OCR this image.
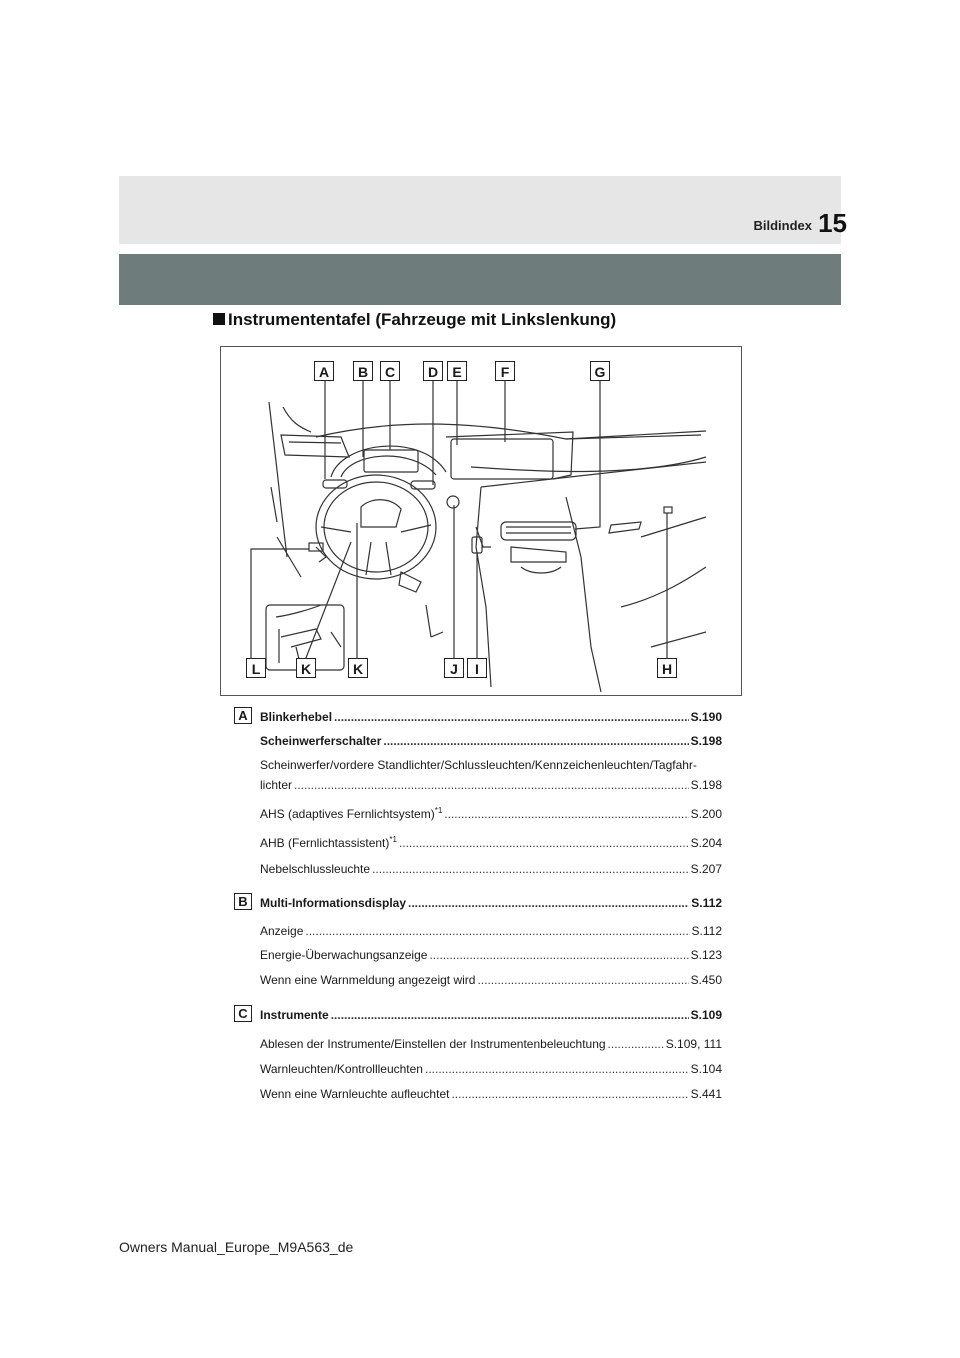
Bildindex 15
Instrumententafel (Fahrzeuge mit Linkslenkung)
A	B	C	D	E	F	G
L	K	K	J	I	H
A	Blinkerhebel .....	S.190
Scheinwerferschalter .....	S.198
Scheinwerfer/vordere Standlichter/Schlussleuchten/Kennzeichenleuchten/Tagfahr-
lichter .....	S.198
AHS (adaptives Fernlichtsystem)$^{*1}$ .....	S.200
AHB (Fernlichtassistent)$^{*1}$ .....	S.204
Nebelschlussleuchte .....	S.207
B	Multi-Informationsdisplay .....	S.112
Anzeige .....	S.112
Energie-Überwachungsanzeige .....	S.123
Wenn eine Warnmeldung angezeigt wird .....	S.450
C	Instrumente .....	S.109
Ablesen der Instrumente/Einstellen der Instrumentenbeleuchtung .....	S.109, 111
Warnleuchten/Kontrollleuchten .....	S.104
Wenn eine Warnleuchte aufleuchtet .....	S.441
Owners Manual_Europe_M9A563_de
